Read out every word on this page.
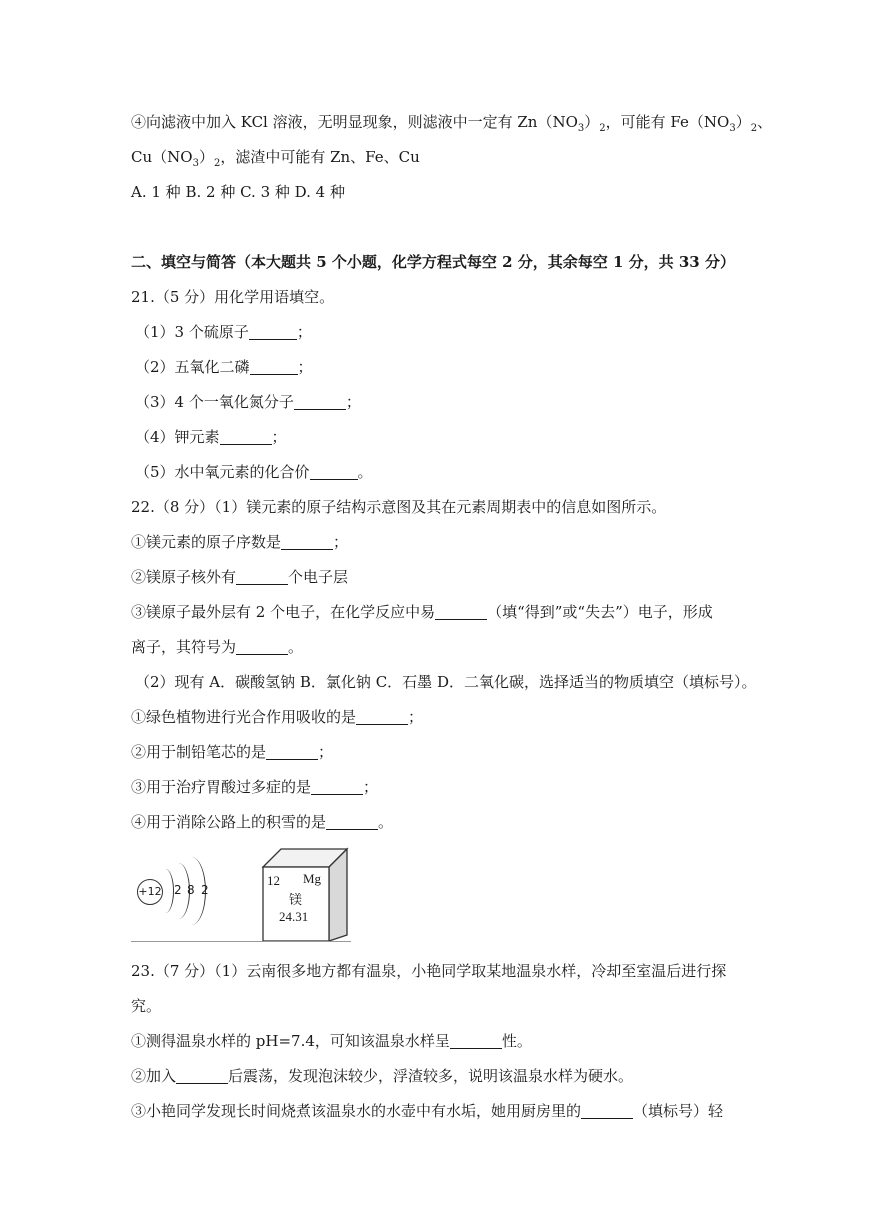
④向滤液中加入 KCl 溶液，无明显现象，则滤液中一定有 $Zn(NO_3)_2$，可能有 $Fe(NO_3)_2$、
$Cu(NO_3)_2$，滤渣中可能有 Zn、Fe、Cu
A. 1 种 B. 2 种 C. 3 种 D. 4 种
二、填空与简答（本大题共 5 个小题，化学方程式每空 2 分，其余每空 1 分，共 33 分）
21.（5 分）用化学用语填空。
（1）3 个硫原子	；
（2）五氧化二磷	；
（3）4 个一氧化氮分子	；
（4）钾元素	；
（5）水中氧元素的化合价	。
22.（8 分）（1）镁元素的原子结构示意图及其在元素周期表中的信息如图所示。
①镁元素的原子序数是	；
②镁原子核外有	个电子层
③镁原子最外层有 2 个电子，在化学反应中易	（填“得到”或“失去”）电子，形成
离子，其符号为	。
（2）现有 A．碳酸氢钠 B．氯化钠 C．石墨 D．二氧化碳，选择适当的物质填空（填标号）。
①绿色植物进行光合作用吸收的是	；
②用于制铅笔芯的是	；
③用于治疗胃酸过多症的是	；
④用于消除公路上的积雪的是	。
+12 2 8 2
12 Mg
镁
24.31
23.（7 分）（1）云南很多地方都有温泉，小艳同学取某地温泉水样，冷却至室温后进行探
究。
①测得温泉水样的 pH=7.4，可知该温泉水样呈	性。
②加入	后震荡，发现泡沫较少，浮渣较多，说明该温泉水样为硬水。
③小艳同学发现长时间烧煮该温泉水的水壶中有水垢，她用厨房里的	（填标号）轻
